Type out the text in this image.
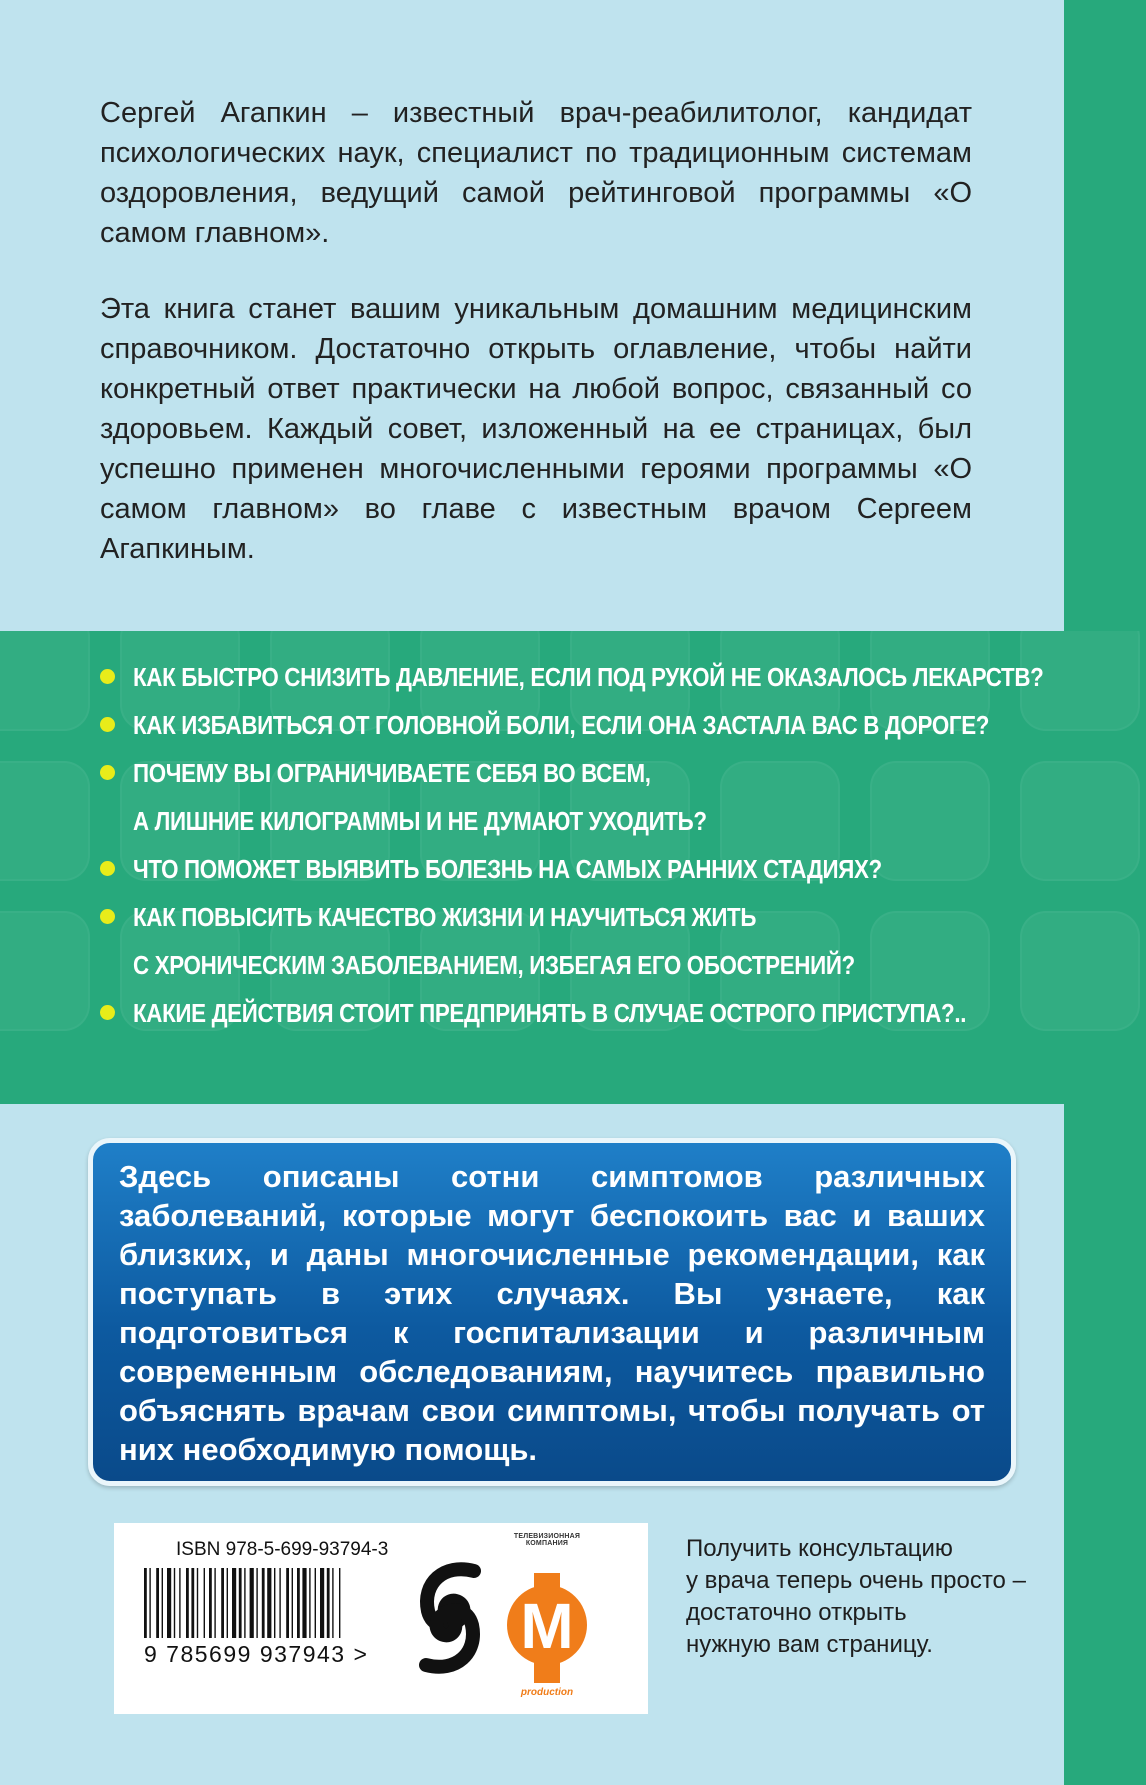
Сергей Агапкин – известный врач-реабилитолог, кандидат психологических наук, специалист по традиционным системам оздоровления, ведущий самой рейтинговой программы «О самом главном».

Эта книга станет вашим уникальным домашним медицинским справочником. Достаточно открыть оглавление, чтобы найти конкретный ответ практически на любой вопрос, связанный со здоровьем. Каждый совет, изложенный на ее страницах, был успешно применен многочисленными героями программы «О самом главном» во главе с известным врачом Сергеем Агапкиным.

КАК БЫСТРО СНИЗИТЬ ДАВЛЕНИЕ, ЕСЛИ ПОД РУКОЙ НЕ ОКАЗАЛОСЬ ЛЕКАРСТВ?
КАК ИЗБАВИТЬСЯ ОТ ГОЛОВНОЙ БОЛИ, ЕСЛИ ОНА ЗАСТАЛА ВАС В ДОРОГЕ?
ПОЧЕМУ ВЫ ОГРАНИЧИВАЕТЕ СЕБЯ ВО ВСЕМ,
А ЛИШНИЕ КИЛОГРАММЫ И НЕ ДУМАЮТ УХОДИТЬ?
ЧТО ПОМОЖЕТ ВЫЯВИТЬ БОЛЕЗНЬ НА САМЫХ РАННИХ СТАДИЯХ?
КАК ПОВЫСИТЬ КАЧЕСТВО ЖИЗНИ И НАУЧИТЬСЯ ЖИТЬ
С ХРОНИЧЕСКИМ ЗАБОЛЕВАНИЕМ, ИЗБЕГАЯ ЕГО ОБОСТРЕНИЙ?
КАКИЕ ДЕЙСТВИЯ СТОИТ ПРЕДПРИНЯТЬ В СЛУЧАЕ ОСТРОГО ПРИСТУПА?..

Здесь описаны сотни симптомов различных заболеваний, которые могут беспокоить вас и ваших близких, и даны многочисленные рекомендации, как поступать в этих случаях. Вы узнаете, как подготовиться к госпитализации и различным современным обследованиям, научитесь правильно объяснять врачам свои симптомы, чтобы получать от них необходимую помощь.

ISBN 978-5-699-93794-3
9 785699 937943 >
ТЕЛЕВИЗИОННАЯ КОМПАНИЯ
M
production
Получить консультацию
у врача теперь очень просто –
достаточно открыть
нужную вам страницу.
